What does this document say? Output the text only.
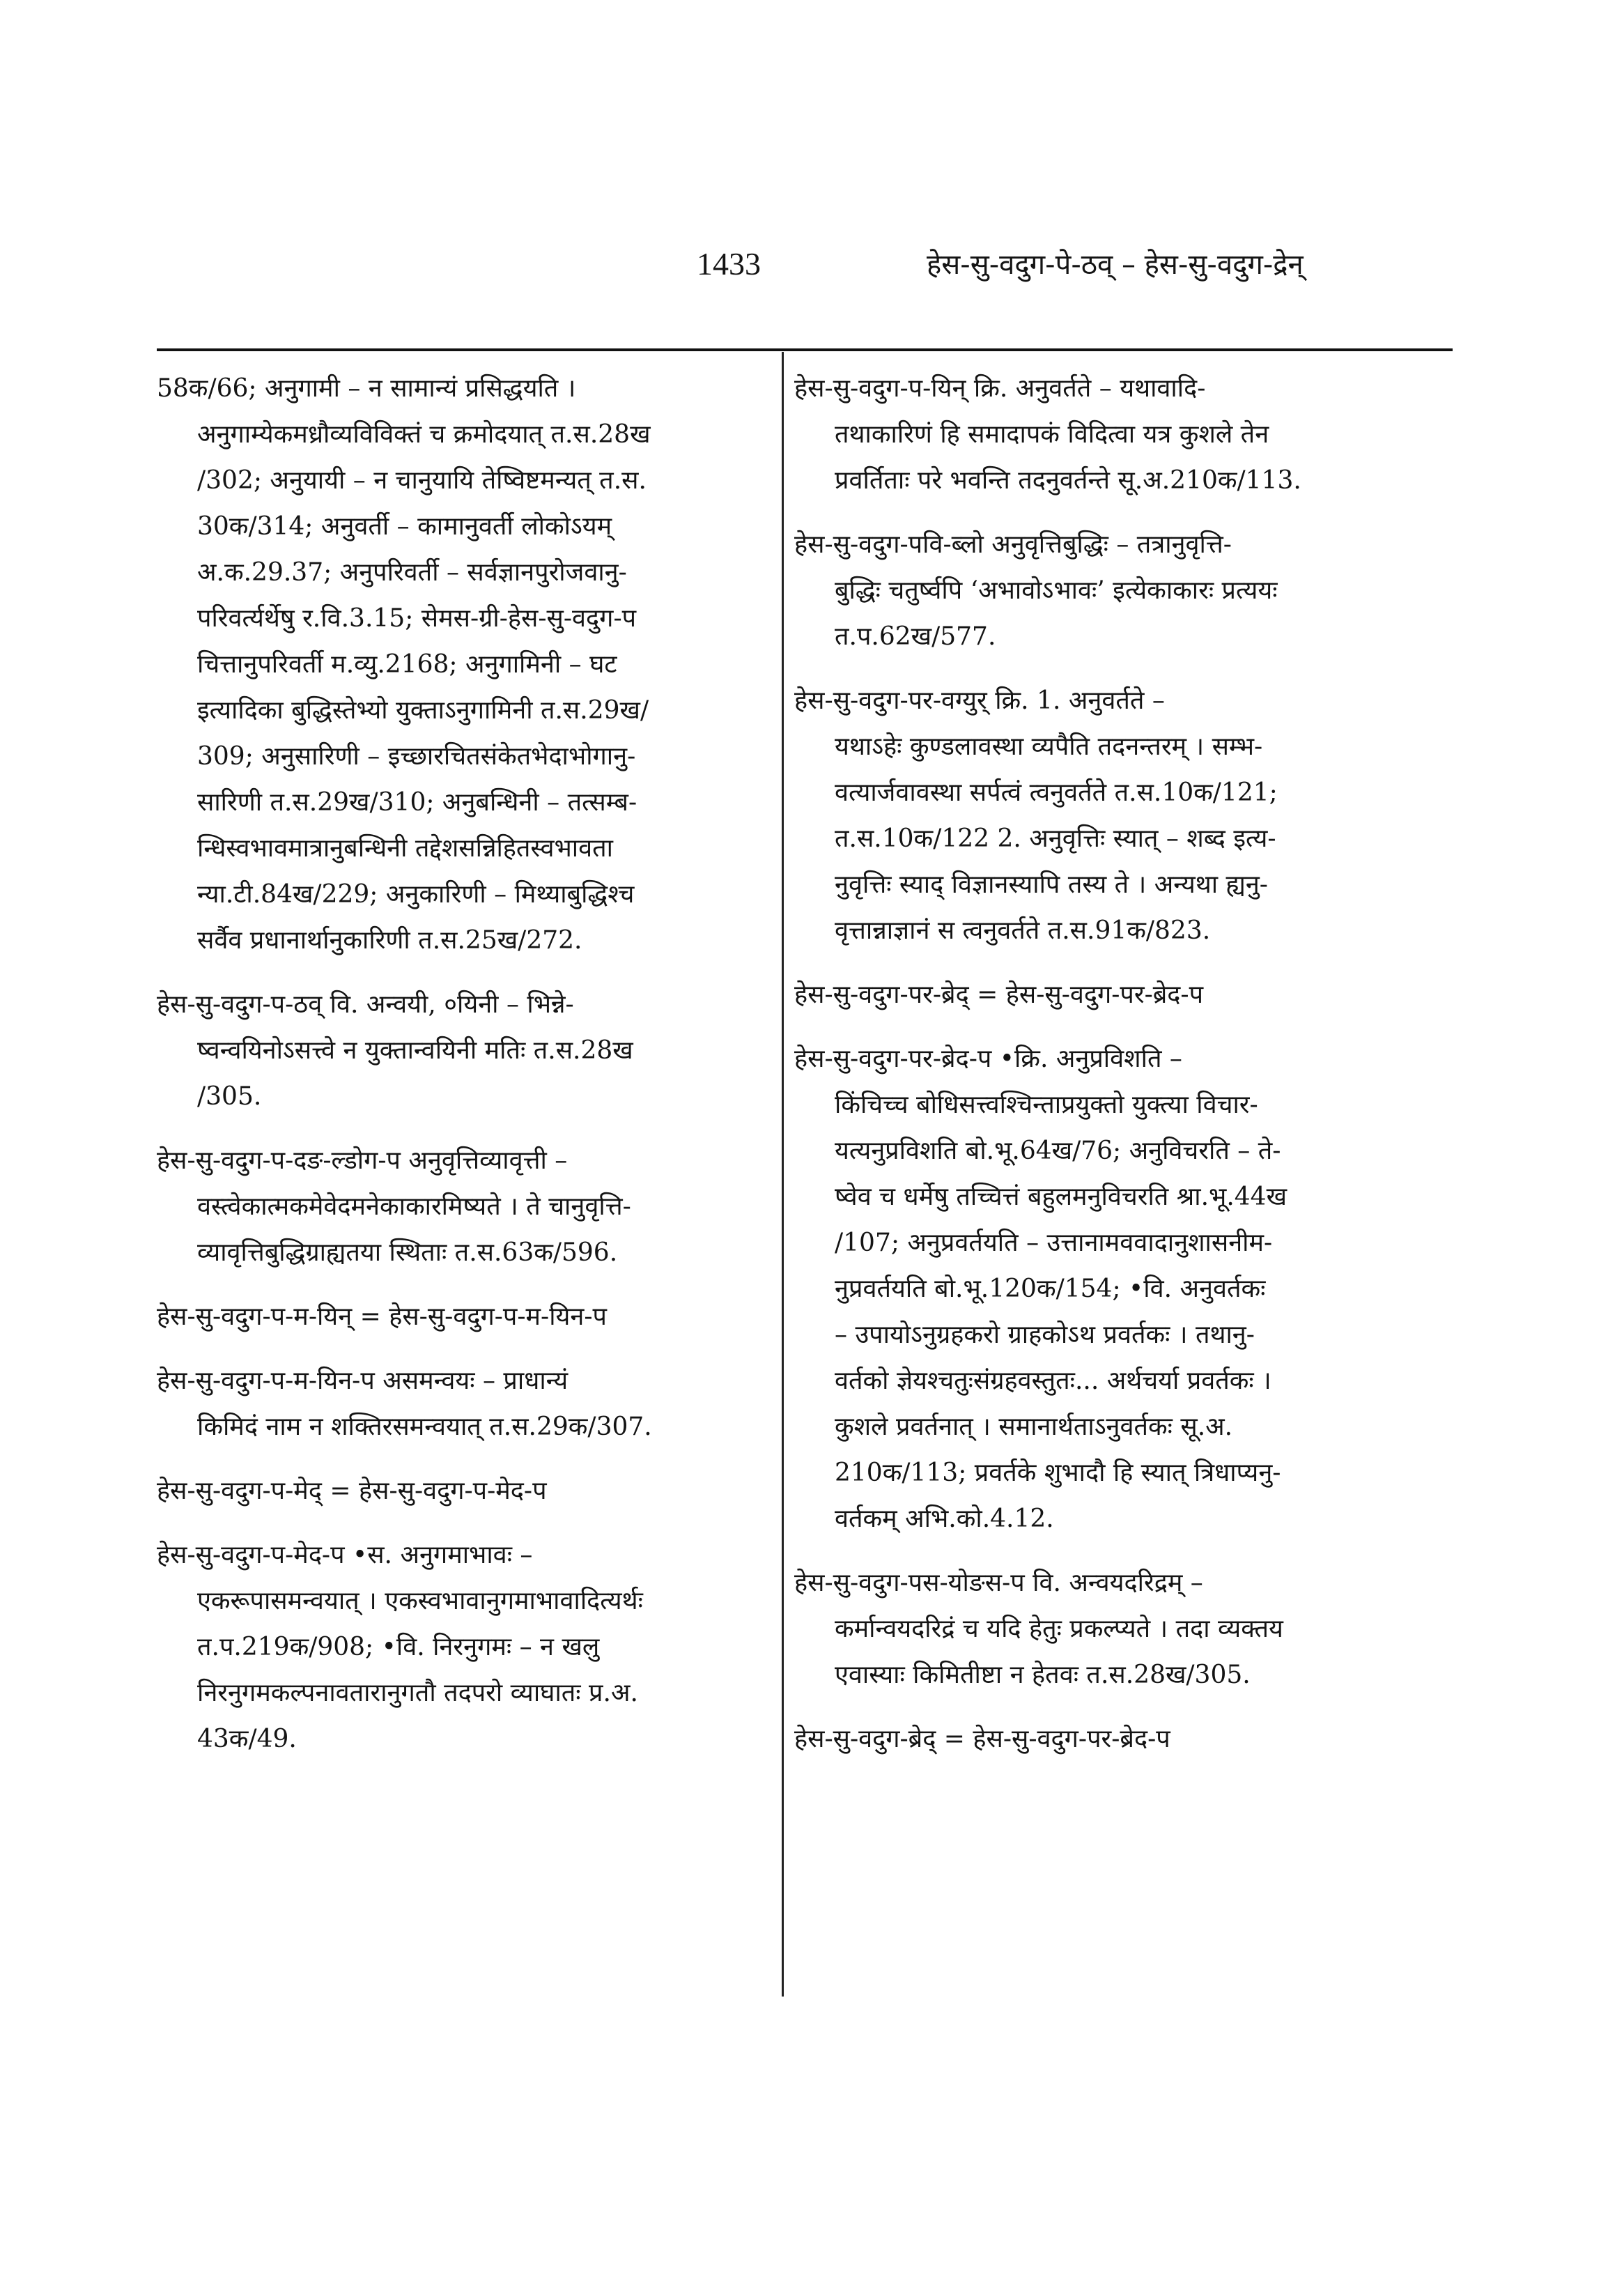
1433	हेस-सु-वदुग-पे-ठव् – हेस-सु-वदुग-द्रेन्
58क/66; अनुगामी – न सामान्यं प्रसिद्धयति ।
अनुगाम्येकमध्रौव्यविविक्तं च क्रमोदयात् त.स.28ख
/302; अनुयायी – न चानुयायि तेष्विष्टमन्यत् त.स.
30क/314; अनुवर्ती – कामानुवर्ती लोकोऽयम्
अ.क.29.37; अनुपरिवर्ती – सर्वज्ञानपुरोजवानु-
परिवर्त्यर्थेषु र.वि.3.15; सेमस-ग्री-हेस-सु-वदुग-प
चित्तानुपरिवर्ती म.व्यु.2168; अनुगामिनी – घट
इत्यादिका बुद्धिस्तेभ्यो युक्ताऽनुगामिनी त.स.29ख/
309; अनुसारिणी – इच्छारचितसंकेतभेदाभोगानु-
सारिणी त.स.29ख/310; अनुबन्धिनी – तत्सम्ब-
न्धिस्वभावमात्रानुबन्धिनी तद्देशसन्निहितस्वभावता
न्या.टी.84ख/229; अनुकारिणी – मिथ्याबुद्धिश्च
सर्वैव प्रधानार्थानुकारिणी त.स.25ख/272.
हेस-सु-वदुग-प-ठव् वि. अन्वयी, ०यिनी – भिन्ने-
ष्वन्वयिनोऽसत्त्वे न युक्तान्वयिनी मतिः त.स.28ख
/305.
हेस-सु-वदुग-प-दङ-ल्डोग-प अनुवृत्तिव्यावृत्ती –
वस्त्वेकात्मकमेवेदमनेकाकारमिष्यते । ते चानुवृत्ति-
व्यावृत्तिबुद्धिग्राह्यतया स्थिताः त.स.63क/596.
हेस-सु-वदुग-प-म-यिन् = हेस-सु-वदुग-प-म-यिन-प
हेस-सु-वदुग-प-म-यिन-प असमन्वयः – प्राधान्यं
किमिदं नाम न शक्तिरसमन्वयात् त.स.29क/307.
हेस-सु-वदुग-प-मेद् = हेस-सु-वदुग-प-मेद-प
हेस-सु-वदुग-प-मेद-प •स. अनुगमाभावः –
एकरूपासमन्वयात् । एकस्वभावानुगमाभावादित्यर्थः
त.प.219क/908; •वि. निरनुगमः – न खलु
निरनुगमकल्पनावतारानुगतौ तदपरो व्याघातः प्र.अ.
43क/49.
हेस-सु-वदुग-प-यिन् क्रि. अनुवर्तते – यथावादि-
तथाकारिणं हि समादापकं विदित्वा यत्र कुशले तेन
प्रवर्तिताः परे भवन्ति तदनुवर्तन्ते सू.अ.210क/113.
हेस-सु-वदुग-पवि-ब्लो अनुवृत्तिबुद्धिः – तत्रानुवृत्ति-
बुद्धिः चतुर्ष्वपि ‘अभावोऽभावः’ इत्येकाकारः प्रत्ययः
त.प.62ख/577.
हेस-सु-वदुग-पर-वग्युर् क्रि. 1. अनुवर्तते –
यथाऽहेः कुण्डलावस्था व्यपैति तदनन्तरम् । सम्भ-
वत्यार्जवावस्था सर्पत्वं त्वनुवर्तते त.स.10क/121;
त.स.10क/122 2. अनुवृत्तिः स्यात् – शब्द इत्य-
नुवृत्तिः स्याद् विज्ञानस्यापि तस्य ते । अन्यथा ह्यनु-
वृत्तान्नाज्ञानं स त्वनुवर्तते त.स.91क/823.
हेस-सु-वदुग-पर-ब्रेद् = हेस-सु-वदुग-पर-ब्रेद-प
हेस-सु-वदुग-पर-ब्रेद-प •क्रि. अनुप्रविशति –
किंचिच्च बोधिसत्त्वश्चिन्ताप्रयुक्तो युक्त्या विचार-
यत्यनुप्रविशति बो.भू.64ख/76; अनुविचरति – ते-
ष्वेव च धर्मेषु तच्चित्तं बहुलमनुविचरति श्रा.भू.44ख
/107; अनुप्रवर्तयति – उत्तानामववादानुशासनीम-
नुप्रवर्तयति बो.भू.120क/154; •वि. अनुवर्तकः
– उपायोऽनुग्रहकरो ग्राहकोऽथ प्रवर्तकः । तथानु-
वर्तको ज्ञेयश्चतुःसंग्रहवस्तुतः... अर्थचर्या प्रवर्तकः ।
कुशले प्रवर्तनात् । समानार्थताऽनुवर्तकः सू.अ.
210क/113; प्रवर्तके शुभादौ हि स्यात् त्रिधाप्यनु-
वर्तकम् अभि.को.4.12.
हेस-सु-वदुग-पस-योङस-प वि. अन्वयदरिद्रम् –
कर्मान्वयदरिद्रं च यदि हेतुः प्रकल्प्यते । तदा व्यक्तय
एवास्याः किमितीष्टा न हेतवः त.स.28ख/305.
हेस-सु-वदुग-ब्रेद् = हेस-सु-वदुग-पर-ब्रेद-प
